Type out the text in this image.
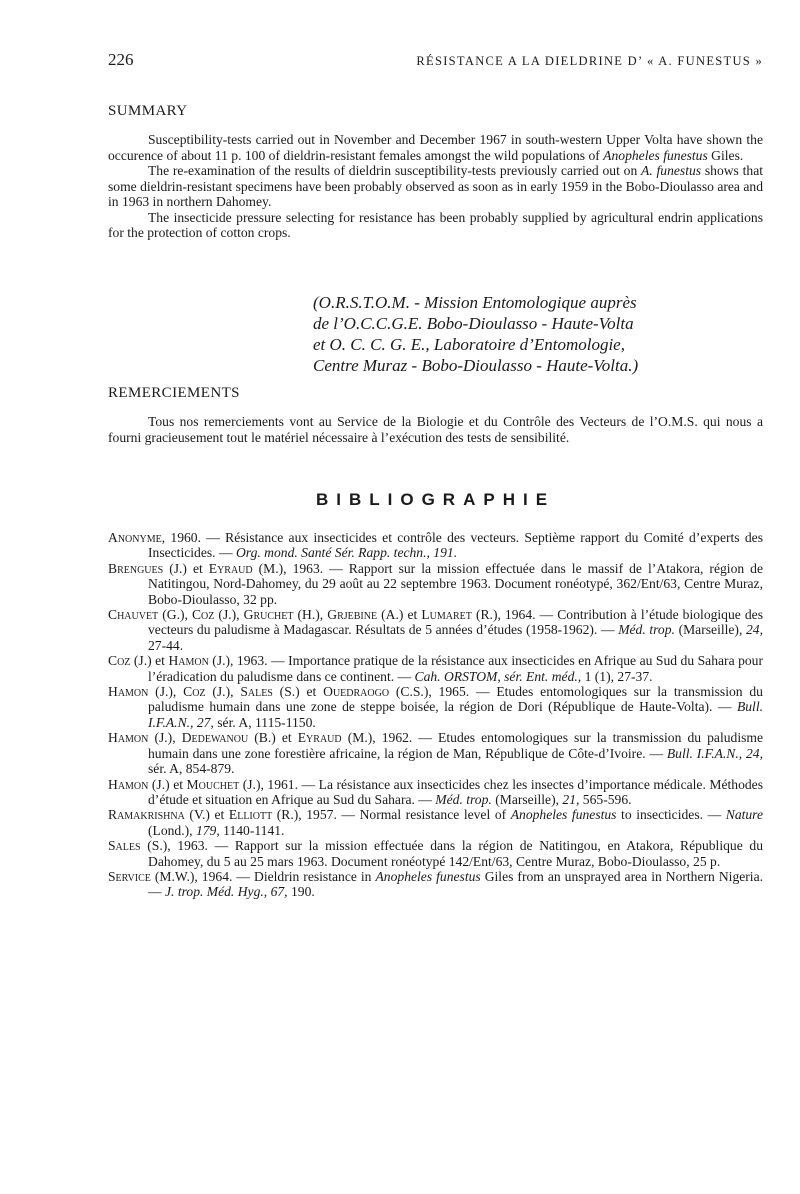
226	RÉSISTANCE A LA DIELDRINE D’ « A. FUNESTUS »
SUMMARY

Susceptibility-tests carried out in November and December 1967 in south-western Upper Volta have shown the occurence of about 11 p. 100 of dieldrin-resistant females amongst the wild populations of Anopheles funestus Giles.

The re-examination of the results of dieldrin susceptibility-tests previously carried out on A. funestus shows that some dieldrin-resistant specimens have been probably observed as soon as in early 1959 in the Bobo-Dioulasso area and in 1963 in northern Dahomey.

The insecticide pressure selecting for resistance has been probably supplied by agricultural endrin applications for the protection of cotton crops.

(O.R.S.T.O.M. - Mission Entomologique auprès
de l’O.C.C.G.E. Bobo-Dioulasso - Haute-Volta
et O. C. C. G. E., Laboratoire d’Entomologie,
Centre Muraz - Bobo-Dioulasso - Haute-Volta.)
REMERCIEMENTS

Tous nos remerciements vont au Service de la Biologie et du Contrôle des Vecteurs de l’O.M.S. qui nous a fourni gracieusement tout le matériel nécessaire à l’exécution des tests de sensibilité.

BIBLIOGRAPHIE
Anonyme, 1960. — Résistance aux insecticides et contrôle des vecteurs. Septième rapport du Comité d’experts des Insecticides. — Org. mond. Santé Sér. Rapp. techn., 191.
Brengues (J.) et Eyraud (M.), 1963. — Rapport sur la mission effectuée dans le massif de l’Atakora, région de Natitingou, Nord-Dahomey, du 29 août au 22 septembre 1963. Document ronéotypé, 362/Ent/63, Centre Muraz, Bobo-Dioulasso, 32 pp.
Chauvet (G.), Coz (J.), Gruchet (H.), Grjebine (A.) et Lumaret (R.), 1964. — Contribution à l’étude biologique des vecteurs du paludisme à Madagascar. Résultats de 5 années d’études (1958-1962). — Méd. trop. (Marseille), 24, 27-44.
Coz (J.) et Hamon (J.), 1963. — Importance pratique de la résistance aux insecticides en Afrique au Sud du Sahara pour l’éradication du paludisme dans ce continent. — Cah. ORSTOM, sér. Ent. méd., 1 (1), 27-37.
Hamon (J.), Coz (J.), Sales (S.) et Ouedraogo (C.S.), 1965. — Etudes entomologiques sur la transmission du paludisme humain dans une zone de steppe boisée, la région de Dori (République de Haute-Volta). — Bull. I.F.A.N., 27, sér. A, 1115-1150.
Hamon (J.), Dedewanou (B.) et Eyraud (M.), 1962. — Etudes entomologiques sur la transmission du paludisme humain dans une zone forestière africaine, la région de Man, République de Côte-d’Ivoire. — Bull. I.F.A.N., 24, sér. A, 854-879.
Hamon (J.) et Mouchet (J.), 1961. — La résistance aux insecticides chez les insectes d’importance médicale. Méthodes d’étude et situation en Afrique au Sud du Sahara. — Méd. trop. (Marseille), 21, 565-596.
Ramakrishna (V.) et Elliott (R.), 1957. — Normal resistance level of Anopheles funestus to insecticides. — Nature (Lond.), 179, 1140-1141.
Sales (S.), 1963. — Rapport sur la mission effectuée dans la région de Natitingou, en Atakora, République du Dahomey, du 5 au 25 mars 1963. Document ronéotypé 142/Ent/63, Centre Muraz, Bobo-Dioulasso, 25 p.
Service (M.W.), 1964. — Dieldrin resistance in Anopheles funestus Giles from an unsprayed area in Northern Nigeria. — J. trop. Méd. Hyg., 67, 190.
